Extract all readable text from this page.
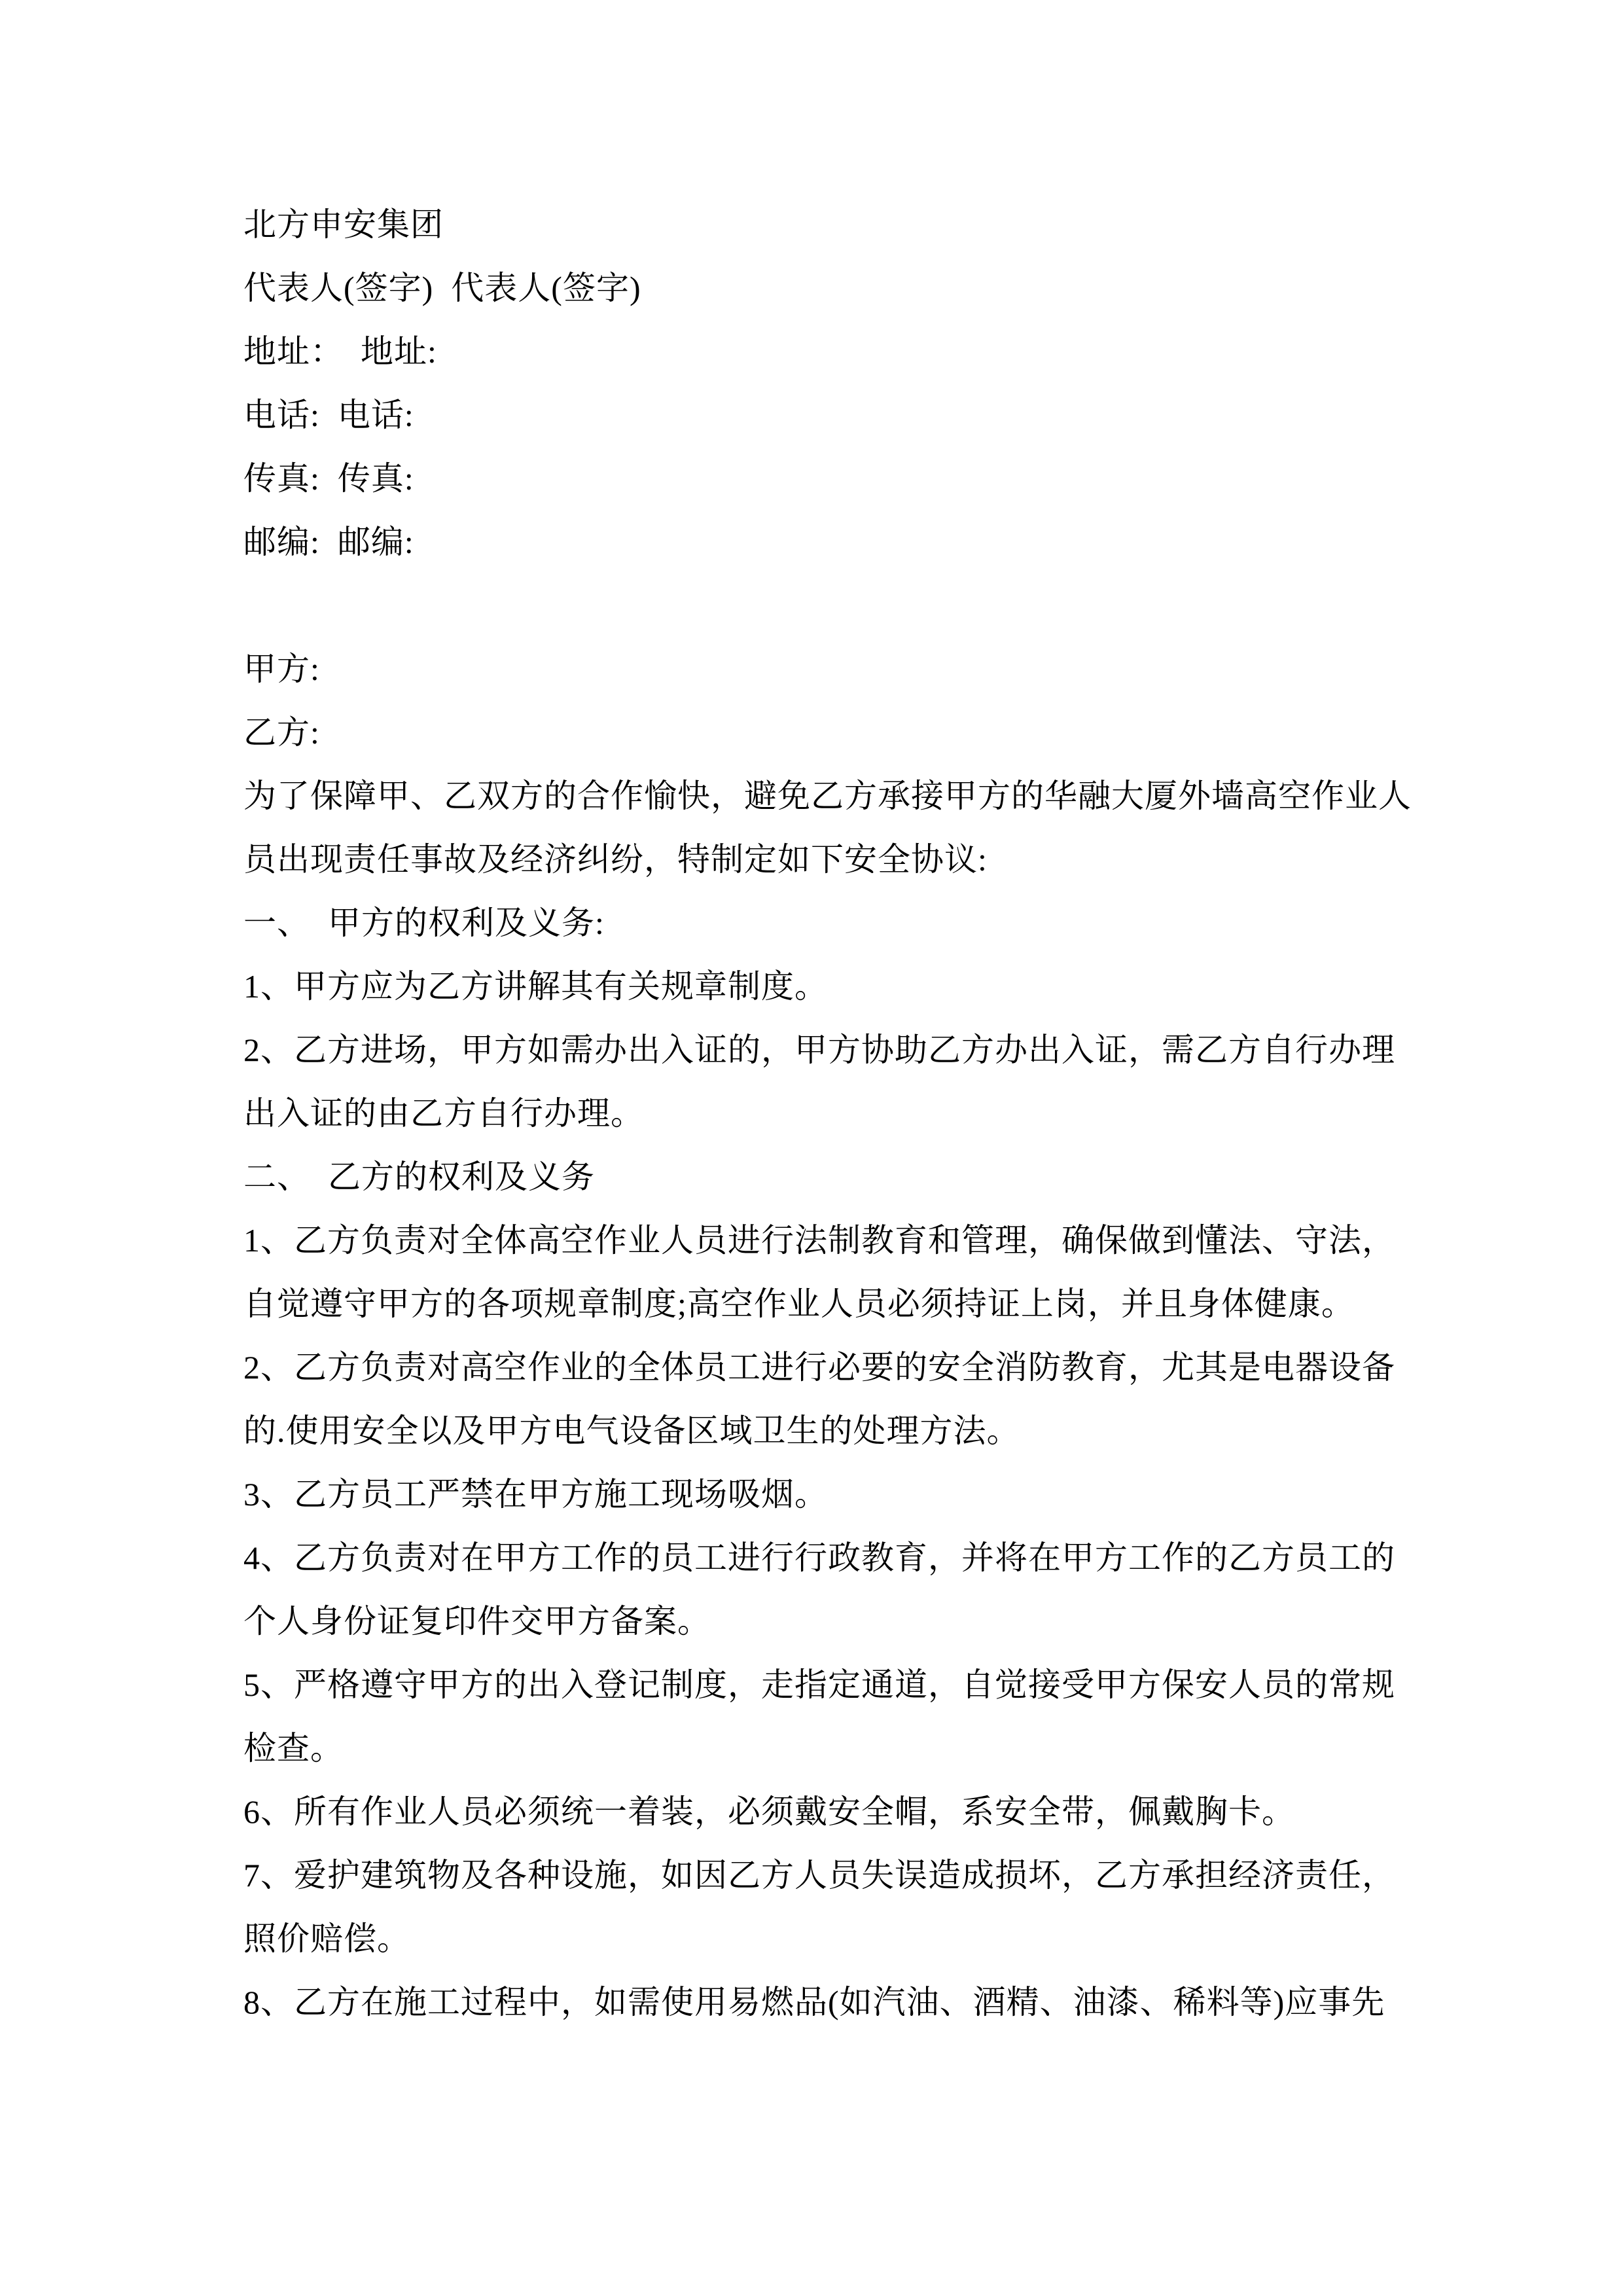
北方申安集团
代表人(签字)  代表人(签字)
地址：　地址:
电话:  电话:
传真:  传真:
邮编:  邮编:
甲方:
乙方:
为了保障甲、乙双方的合作愉快，避免乙方承接甲方的华融大厦外墙高空作业人
员出现责任事故及经济纠纷，特制定如下安全协议:
一、  甲方的权利及义务:
1、甲方应为乙方讲解其有关规章制度。
2、乙方进场，甲方如需办出入证的，甲方协助乙方办出入证，需乙方自行办理
出入证的由乙方自行办理。
二、  乙方的权利及义务
1、乙方负责对全体高空作业人员进行法制教育和管理，确保做到懂法、守法，
自觉遵守甲方的各项规章制度;高空作业人员必须持证上岗，并且身体健康。
2、乙方负责对高空作业的全体员工进行必要的安全消防教育，尤其是电器设备
的.使用安全以及甲方电气设备区域卫生的处理方法。
3、乙方员工严禁在甲方施工现场吸烟。
4、乙方负责对在甲方工作的员工进行行政教育，并将在甲方工作的乙方员工的
个人身份证复印件交甲方备案。
5、严格遵守甲方的出入登记制度，走指定通道，自觉接受甲方保安人员的常规
检查。
6、所有作业人员必须统一着装，必须戴安全帽，系安全带，佩戴胸卡。
7、爱护建筑物及各种设施，如因乙方人员失误造成损坏，乙方承担经济责任，
照价赔偿。
8、乙方在施工过程中，如需使用易燃品(如汽油、酒精、油漆、稀料等)应事先
